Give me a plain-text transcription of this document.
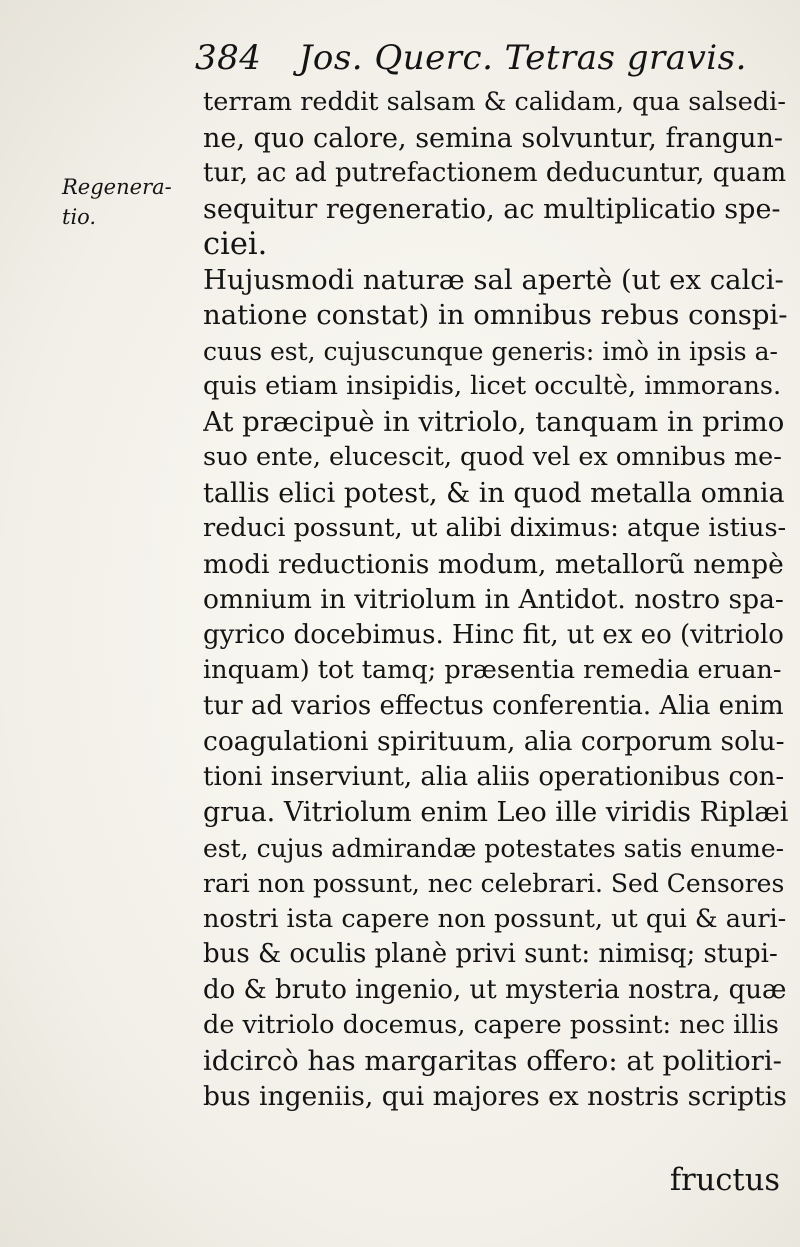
384 Jos. Querc. Tetras gravis.
Regenera-
tio.
terram reddit salsam & calidam, qua salsedi-
ne, quo calore, semina solvuntur, frangun-
tur, ac ad putrefactionem deducuntur, quam
sequitur regeneratio, ac multiplicatio spe-
ciei.
Hujusmodi naturæ sal apertè (ut ex calci-
natione constat) in omnibus rebus conspi-
cuus est, cujuscunque generis: imò in ipsis a-
quis etiam insipidis, licet occultè, immorans.
At præcipuè in vitriolo, tanquam in primo
suo ente, elucescit, quod vel ex omnibus me-
tallis elici potest, & in quod metalla omnia
reduci possunt, ut alibi diximus: atque istius-
modi reductionis modum, metallorũ nempè
omnium in vitriolum in Antidot. nostro spa-
gyrico docebimus. Hinc fit, ut ex eo (vitriolo
inquam) tot tamq; præsentia remedia eruan-
tur ad varios effectus conferentia. Alia enim
coagulationi spirituum, alia corporum solu-
tioni inserviunt, alia aliis operationibus con-
grua. Vitriolum enim Leo ille viridis Riplæi
est, cujus admirandæ potestates satis enume-
rari non possunt, nec celebrari. Sed Censores
nostri ista capere non possunt, ut qui & auri-
bus & oculis planè privi sunt: nimisq; stupi-
do & bruto ingenio, ut mysteria nostra, quæ
de vitriolo docemus, capere possint: nec illis
idcircò has margaritas offero: at politiori-
bus ingeniis, qui majores ex nostris scriptis
fructus
